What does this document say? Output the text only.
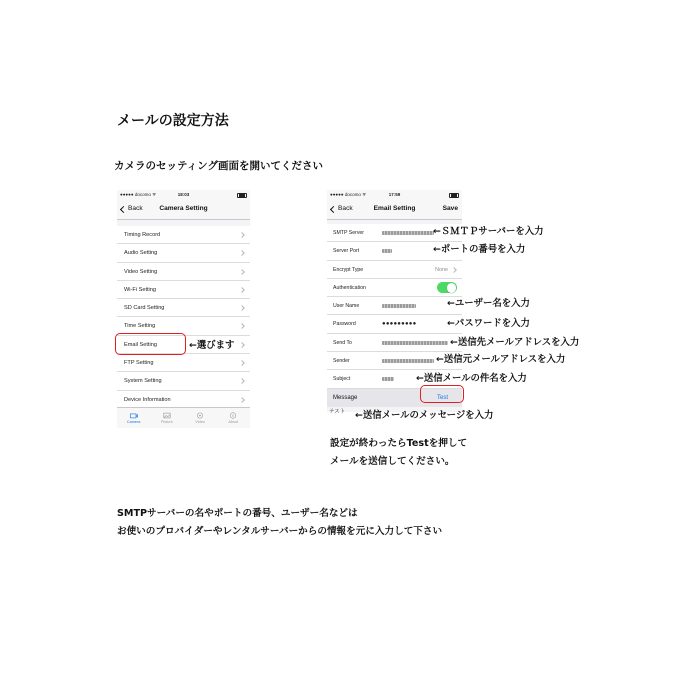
メールの設定方法
カメラのセッティング画面を開いてください
●●●●● docomo ᯤ	18:03
Back	Camera Setting
Timing Record
Audio Setting
Video Setting
Wi-Fi Setting
SD Card Setting
Time Setting
Email Setting
FTP Setting
System Setting
Device Information
Camera	Picture	Video	About
←選びます
●●●●● docomo ᯤ	17:59
Back	Email Setting	Save
SMTP Server
Server Port
Encrypt Type	None
Authentication
User Name
Password	●●●●●●●●●
Send To
Sender
Subject
Message	Test
テスト
←ＳＭＴＰサーバーを入力
←ポートの番号を入力
←ユーザー名を入力
←パスワードを入力
←送信先メールアドレスを入力
←送信元メールアドレスを入力
←送信メールの件名を入力
←送信メールのメッセージを入力
設定が終わったらTestを押して
メールを送信してください。
SMTPサーバーの名やポートの番号、ユーザー名などは
お使いのプロバイダーやレンタルサーバーからの情報を元に入力して下さい
